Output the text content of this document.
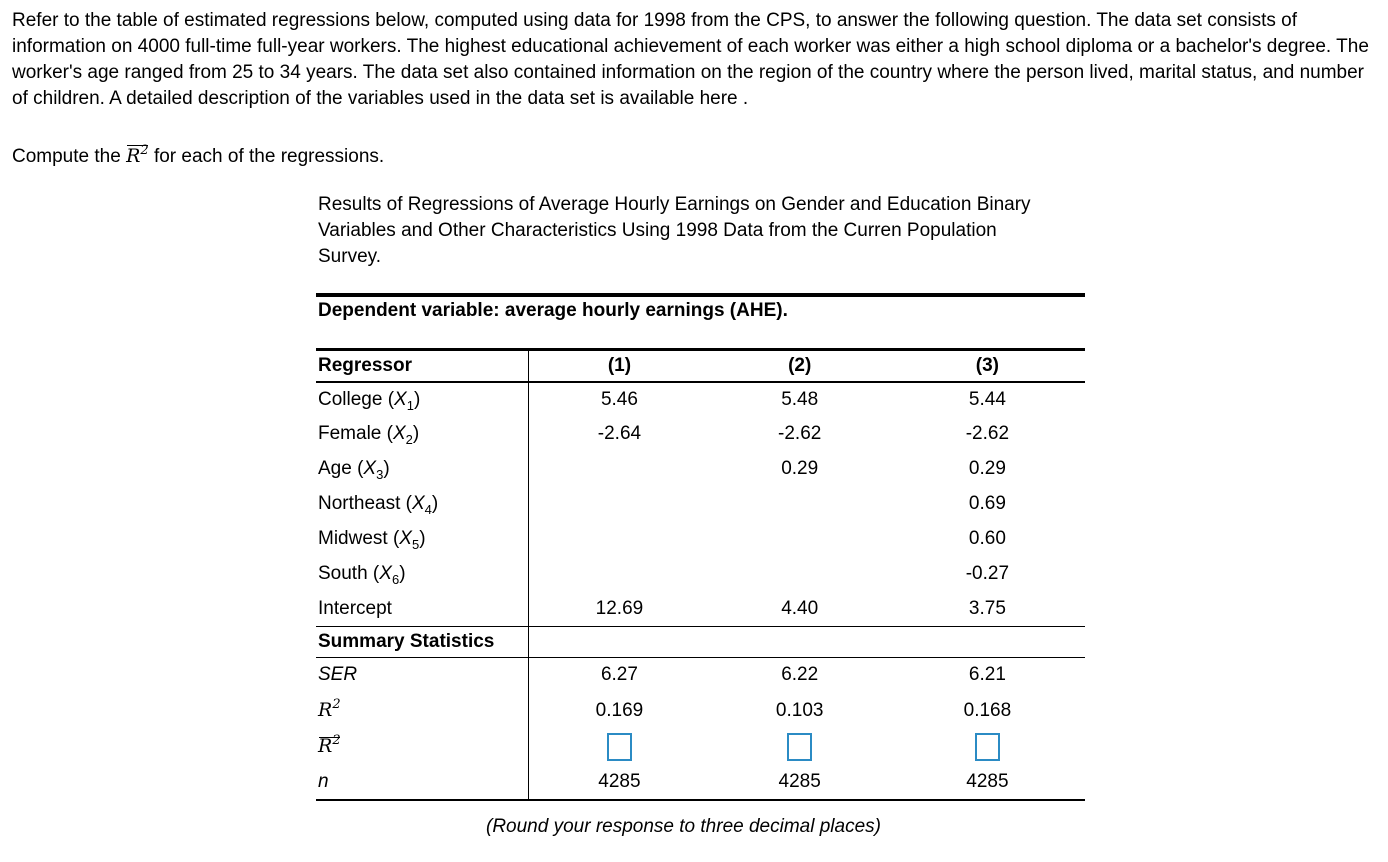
Refer to the table of estimated regressions below, computed using data for 1998 from the CPS, to answer the following question. The data set consists of information on 4000 full-time full-year workers. The highest educational achievement of each worker was either a high school diploma or a bachelor's degree. The worker's age ranged from 25 to 34 years. The data set also contained information on the region of the country where the person lived, marital status, and number of children. A detailed description of the variables used in the data set is available here .

Compute the
$R^2$ for each of the regressions.

Results of Regressions of Average Hourly Earnings on Gender and Education Binary Variables and Other Characteristics Using 1998 Data from the Curren Population Survey.

Dependent variable: average hourly earnings (AHE).
Regressor	(1)	(2)	(3)
College $(X_1)$	5.46	5.48	5.44
Female $(X_2)$	-2.64	-2.62	-2.62
Age $(X_3)$		0.29	0.29
Northeast $(X_4)$			0.69
Midwest $(X_5)$			0.60
South $(X_6)$			-0.27
Intercept	12.69	4.40	3.75
Summary Statistics			
SER	6.27	6.22	6.21
$R^2$	0.169	0.103	0.168

$R^2$			
n	4285	4285	4285
(Round your response to three decimal places)
